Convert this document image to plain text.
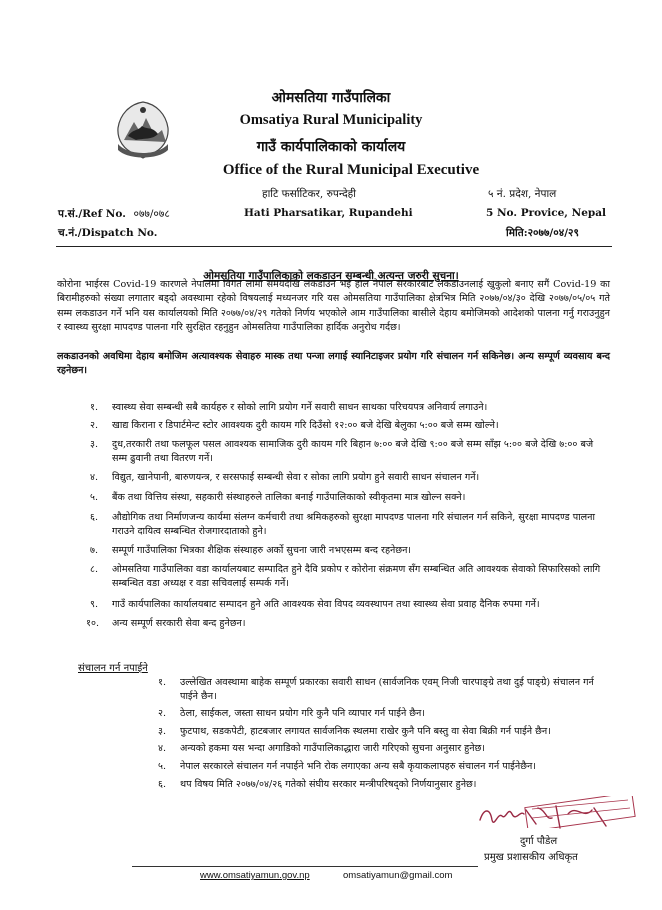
ओमसतिया गाउँपालिका
Omsatiya Rural Municipality
गाउँ कार्यपालिकाको कार्यालय
Office of the Rural Municipal Executive
हाटि फर्साटिकर, रुपन्देही	५ नं. प्रदेश, नेपाल
प.सं./Ref No. ०७७/०७८	Hati Pharsatikar, Rupandehi	5 No. Provice, Nepal
च.नं./Dispatch No.	मिति:२०७७/०४/२९
ओमसतिया गाउँपालिकाको लकडाउन सम्बन्धी अत्यन्त जरुरी सुचना।
कोरोना भाईरस Covid-19 कारणले नेपालमा विगत लामो समयदेखि लकडाउन भई हाल नेपाल सरकारबाट लकडाउनलाई खुकुलो बनाए सगैं Covid-19 का बिरामीहरुको संख्या लगातार बड्दो अवस्थामा रहेको विषयलाई मध्यनजर गरि यस ओमसतिया गाउँपालिका क्षेत्रभित्र मिति २०७७/०४/३० देखि २०७७/०५/०५ गते सम्म लकडाउन गर्ने भनि यस कार्यालयको मिति २०७७/०४/२९ गतेको निर्णय भएकोले आम गाउँपालिका बासीले देहाय बमोजिमको आदेशको पालना गर्नु गराउनुहुन र स्वास्थ्य सुरक्षा मापदण्ड पालना गरि सुरक्षित रहनुहुन ओमसतिया गाउँपालिका हार्दिक अनुरोध गर्दछ।
लकडाउनको अवधिमा देहाय बमोजिम अत्यावश्यक सेवाहरु मास्क तथा पन्जा लगाई स्यानिटाइजर प्रयोग गरि संचालन गर्न सकिनेछ। अन्य सम्पूर्ण व्यवसाय बन्द रहनेछन।
१. स्वास्थ्य सेवा सम्बन्धी सबै कार्यहरु र सोको लागि प्रयोग गर्ने सवारी साधन साथका परिचयपत्र अनिवार्य लगाउने।
२. खाद्य किराना र डिपार्टमेन्ट स्टोर आवश्यक दुरी कायम गरि दिउँसो १२:०० बजे देखि बेलुका ५:०० बजे सम्म खोल्ने।
३. दुध,तरकारी तथा फलफूल पसल आवश्यक सामाजिक दुरी कायम गरि बिहान ७:०० बजे देखि ९:०० बजे सम्म साँझ ५:०० बजे देखि ७:०० बजे सम्म ढुवानी तथा वितरण गर्ने।
४. विद्युत, खानेपानी, बारुणयन्त्र, र सरसफाई सम्बन्धी सेवा र सोका लागि प्रयोग हुने सवारी साधन संचालन गर्ने।
५. बैंक तथा वित्तिय संस्था, सहकारी संस्थाहरुले तालिका बनाई गाउँपालिकाको स्वीकृतमा मात्र खोल्न सक्ने।
६. औद्योगिक तथा निर्माणजन्य कार्यमा संलग्न कर्मचारी तथा श्रमिकहरुको सुरक्षा मापदण्ड पालना गरि संचालन गर्न सकिने, सुरक्षा मापदण्ड पालना गराउने दायित्व सम्बन्धित रोजगारदाताको हुने।
७. सम्पूर्ण गाउँपालिका भित्रका शैक्षिक संस्थाहरु अर्को सुचना जारी नभएसम्म बन्द रहनेछन।
८. ओमसतिया गाउँपालिका वडा कार्यालयबाट सम्पादित हुने दैवि प्रकोप र कोरोना संक्रमण सँग सम्बन्धित अति आवश्यक सेवाको सिफारिसको लागि सम्बन्धित वडा अध्यक्ष र वडा सचिवलाई सम्पर्क गर्ने।
९. गाउँ कार्यपालिका कार्यालयबाट सम्पादन हुने अति आवश्यक सेवा विपद व्यवस्थापन तथा स्वास्थ्य सेवा प्रवाह दैनिक रुपमा गर्ने।
१०. अन्य सम्पूर्ण सरकारी सेवा बन्द हुनेछन।
संचालन गर्न नपाईने
१. उल्लेखित अवस्थामा बाहेक सम्पूर्ण प्रकारका सवारी साधन (सार्वजनिक एवम् निजी चारपाङ्ग्रे तथा दुई पाङ्ग्रे) संचालन गर्न पाईने छैन।
२. ठेला, साईकल, जस्ता साधन प्रयोग गरि कुनै पनि व्यापार गर्न पाईने छैन।
३. फुटपाथ, सडकपेटी, हाटबजार लगायत सार्वजनिक स्थलमा राखेर कुनै पनि बस्तु वा सेवा बिक्री गर्न पाईने छैन।
४. अन्यको हकमा यस भन्दा अगाडिको गाउँपालिकाद्धारा जारी गरिएको सुचना अनुसार हुनेछ।
५. नेपाल सरकारले संचालन गर्न नपाईने भनि रोक लगाएका अन्य सबै कृयाकलापहरु संचालन गर्न पाईनेछैन।
६. थप विषय मिति २०७७/०४/२६ गतेको संघीय सरकार मन्त्रीपरिषद्को निर्णयानुसार हुनेछ।
दुर्गा पौडेल
प्रमुख प्रशासकीय अधिकृत
www.omsatiyamun.gov.np	omsatiyamun@gmail.com
